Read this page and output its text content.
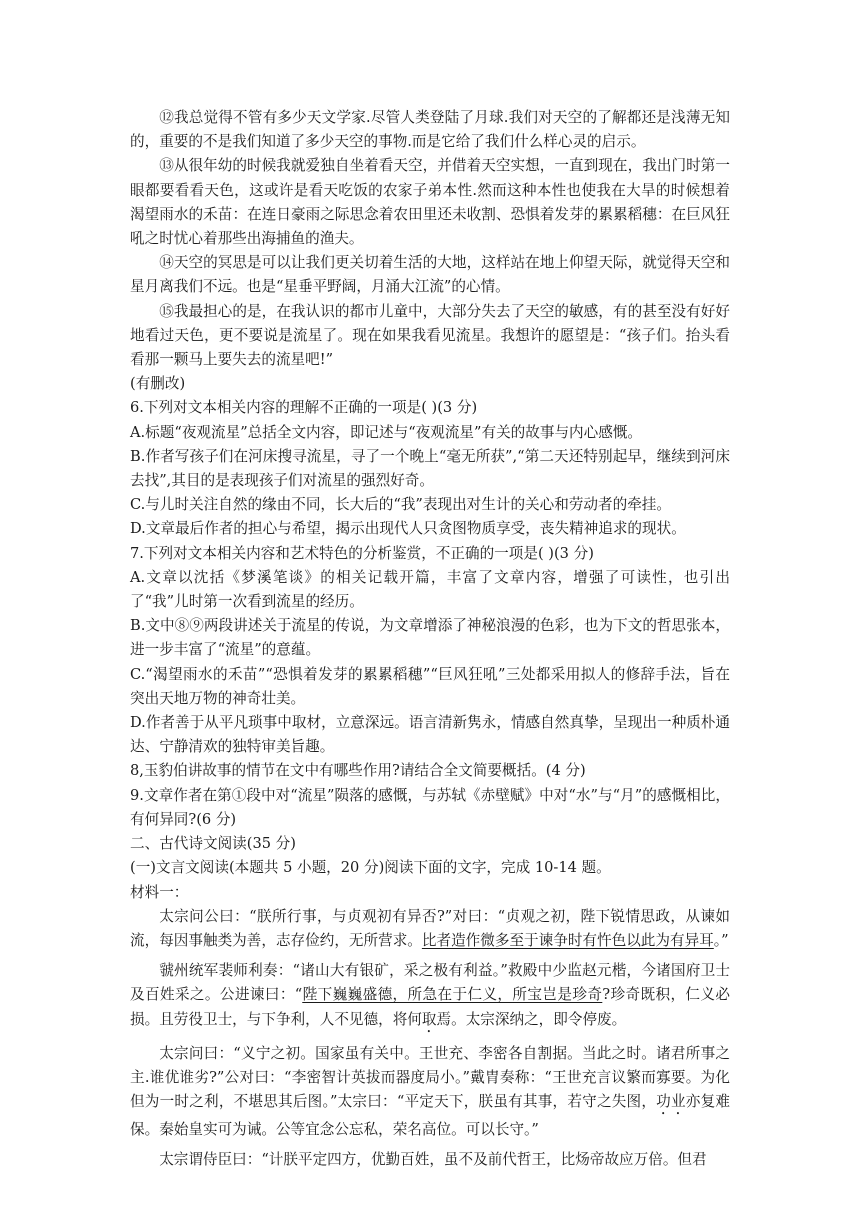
⑫我总觉得不管有多少天文学家.尽管人类登陆了月球.我们对天空的了解都还是浅薄无知的，重要的不是我们知道了多少天空的事物.而是它给了我们什么样心灵的启示。

⑬从很年幼的时候我就爱独自坐着看天空，并借着天空实想，一直到现在，我出门时第一眼都要看看天色，这或许是看天吃饭的农家子弟本性.然而这种本性也使我在大旱的时候想着渴望雨水的禾苗：在连日豪雨之际思念着农田里还未收割、恐惧着发芽的累累稻穗：在巨风狂吼之时忧心着那些出海捕鱼的渔夫。

⑭天空的冥思是可以让我们更关切着生活的大地，这样站在地上仰望天际，就觉得天空和星月离我们不远。也是“星垂平野阔，月涌大江流”的心情。

⑮我最担心的是，在我认识的都市儿童中，大部分失去了天空的敏感，有的甚至没有好好地看过天色，更不要说是流星了。现在如果我看见流星。我想许的愿望是：“孩子们。抬头看看那一颗马上要失去的流星吧!”

(有删改)

6.下列对文本相关内容的理解不正确的一项是( )(3 分)

A.标题“夜观流星”总括全文内容，即记述与“夜观流星”有关的故事与内心感慨。

B.作者写孩子们在河床搜寻流星，寻了一个晚上“毫无所获”,“第二天还特别起早，继续到河床去找”,其目的是表现孩子们对流星的强烈好奇。

C.与儿时关注自然的缘由不同，长大后的“我”表现出对生计的关心和劳动者的牵挂。

D.文章最后作者的担心与希望，揭示出现代人只贪图物质享受，丧失精神追求的现状。

7.下列对文本相关内容和艺术特色的分析鉴赏，不正确的一项是( )(3 分)

A.文章以沈括《梦溪笔谈》的相关记载开篇，丰富了文章内容，增强了可读性，也引出了“我”儿时第一次看到流星的经历。

B.文中⑧⑨两段讲述关于流星的传说，为文章增添了神秘浪漫的色彩，也为下文的哲思张本，进一步丰富了“流星”的意蕴。

C.“渴望雨水的禾苗”“恐惧着发芽的累累稻穗”“巨风狂吼”三处都采用拟人的修辞手法，旨在突出天地万物的神奇壮美。

D.作者善于从平凡琐事中取材，立意深远。语言清新隽永，情感自然真挚，呈现出一种质朴通达、宁静清欢的独特审美旨趣。

8,玉豹伯讲故事的情节在文中有哪些作用?请结合全文简要概括。(4 分)

9.文章作者在第①段中对“流星”陨落的感慨，与苏轼《赤壁赋》中对“水”与“月”的感慨相比，有何异同?(6 分)

二、古代诗文阅读(35 分)

(一)文言文阅读(本题共 5 小题，20 分)阅读下面的文字，完成 10-14 题。

材料一：

太宗问公曰：“朕所行事，与贞观初有异否?”对曰：“贞观之初，陛下锐情思政，从谏如流，每因事触类为善，志存俭约，无所营求。比者造作微多至于谏争时有忤色以此为有异耳。”

虢州统军裴师利奏：“诸山大有银矿，采之极有利益。”救殿中少监赵元楷，今诸国府卫士及百姓采之。公进谏曰：“陛下巍巍盛德，所急在于仁义，所宝岂是珍奇?珍奇既积，仁义必损。且劳役卫士，与下争利，人不见德，将何取焉。太宗深纳之，即令停废。

太宗问曰：“义宁之初。国家虽有关中。王世充、李密各自割据。当此之时。诸君所事之主.谁优谁劣?”公对曰：“李密智计英拔而器度局小。”戴胄奏称：“王世充言议繁而寡要。为化但为一时之利，不堪思其后图。”太宗曰：“平定天下，朕虽有其事，若守之失图，功业亦复难保。秦始皇实可为诫。公等宜念公忘私，荣名高位。可以长守。”

太宗谓侍臣曰：“计朕平定四方，优勤百姓，虽不及前代哲王，比炀帝故应万倍。但君
